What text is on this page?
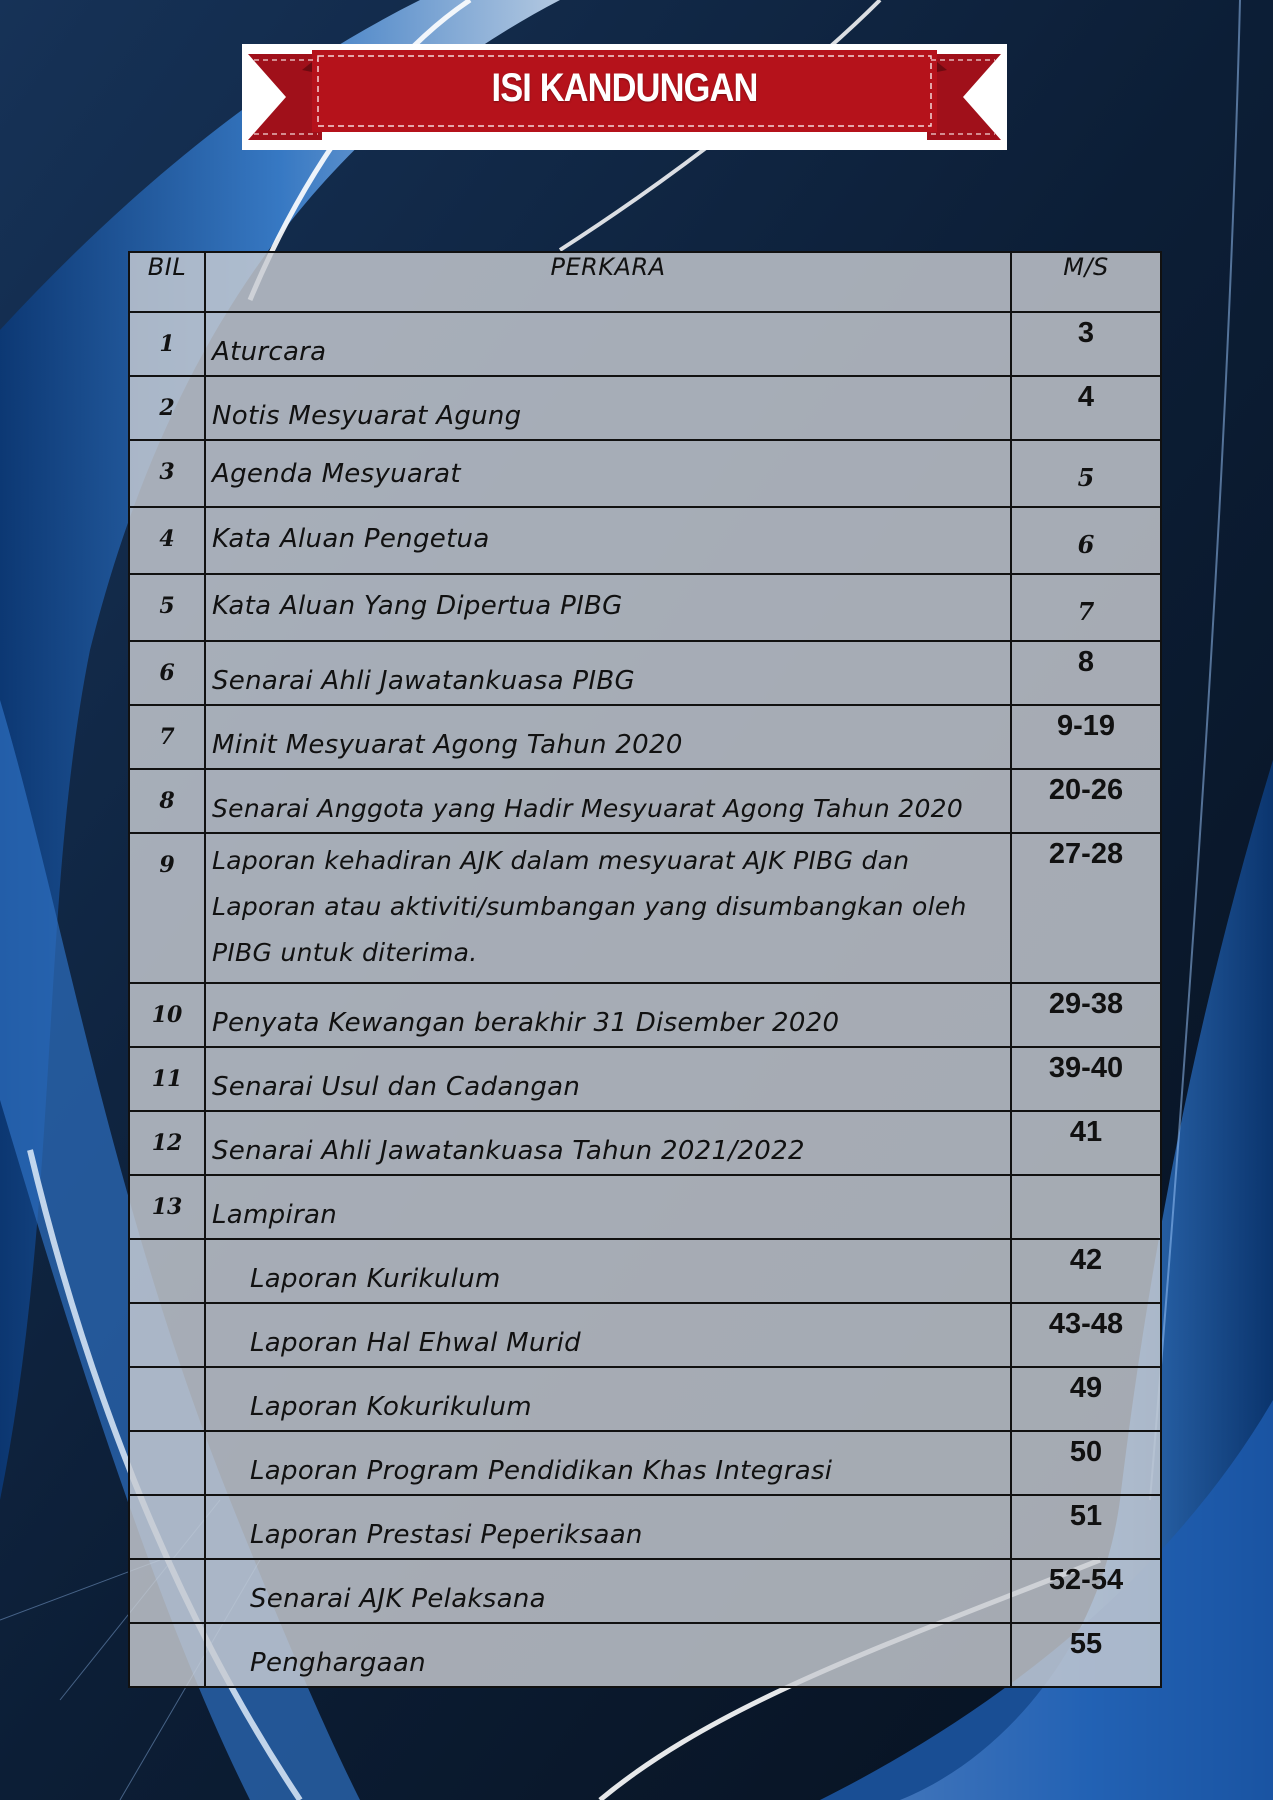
ISI KANDUNGAN
BIL	PERKARA	M/S
1	Aturcara	3
2	Notis Mesyuarat Agung	4
3	Agenda Mesyuarat	5
4	Kata Aluan Pengetua	6
5	Kata Aluan Yang Dipertua PIBG	7
6	Senarai Ahli Jawatankuasa PIBG	8
7	Minit Mesyuarat Agong Tahun 2020	9-19
8	Senarai Anggota yang Hadir Mesyuarat Agong Tahun 2020	20-26
9	Laporan kehadiran AJK dalam mesyuarat AJK PIBG dan Laporan atau aktiviti/sumbangan yang disumbangkan oleh PIBG untuk diterima.	27-28
10	Penyata Kewangan berakhir 31 Disember 2020	29-38
11	Senarai Usul dan Cadangan	39-40
12	Senarai Ahli Jawatankuasa Tahun 2021/2022	41
13	Lampiran	
	Laporan Kurikulum	42
	Laporan Hal Ehwal Murid	43-48
	Laporan Kokurikulum	49
	Laporan Program Pendidikan Khas Integrasi	50
	Laporan Prestasi Peperiksaan	51
	Senarai AJK Pelaksana	52-54
	Penghargaan	55
